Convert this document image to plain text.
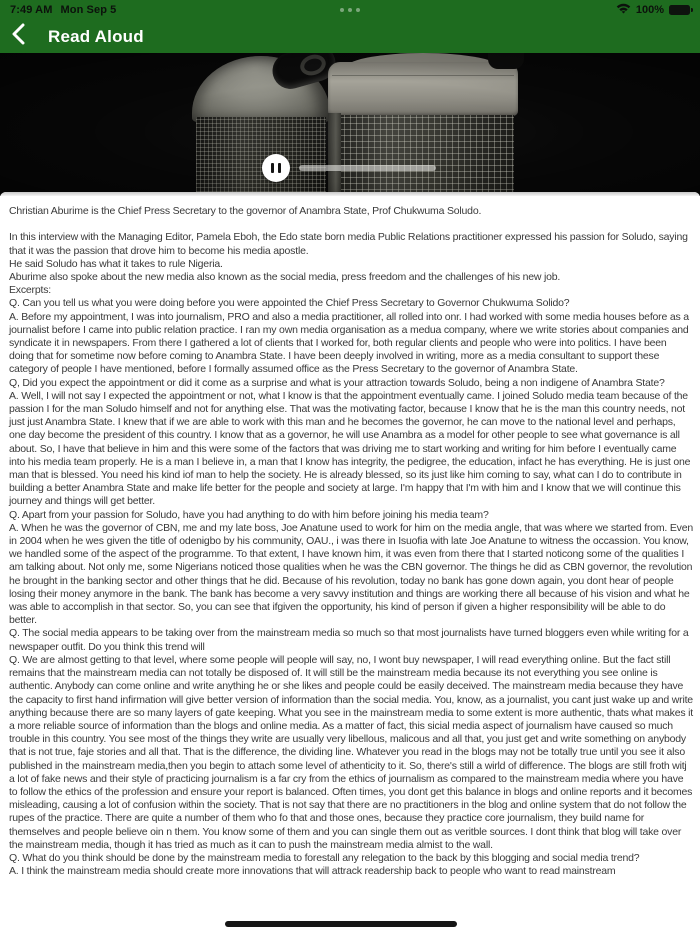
7:49 AM Mon Sep 5	100%
Read Aloud

Christian Aburime is the Chief Press Secretary to the governor of Anambra State, Prof Chukwuma Soludo.

In this interview with the Managing Editor, Pamela Eboh, the Edo state born media Public Relations practitioner expressed his passion for Soludo, saying that it was the passion that drove him to become his media apostle.

He said Soludo has what it takes to rule Nigeria.

Aburime also spoke about the new media also known as the social media, press freedom and the challenges of his new job.

Excerpts:

Q. Can you tell us what you were doing before you were appointed the Chief Press Secretary to Governor Chukwuma Solido?

A. Before my appointment, I was into journalism, PRO and also a media practitioner, all rolled into onr. I had worked with some media houses before as a journalist before I came into public relation practice. I ran my own media organisation as a medua company, where we write stories about companies and syndicate it in newspapers. From there I gathered a lot of clients that I worked for, both regular clients and people who were into politics. I have been doing that for sometime now before coming to Anambra State. I have been deeply involved in writing, more as a media consultant to support these category of people I have mentioned, before I formally assumed office as the Press Secretary to the governor of Anambra State.

Q, Did you expect the appointment or did it come as a surprise and what is your attraction towards Soludo, being a non indigene of Anambra State?

A. Well, I will not say I expected the appointment or not, what I know is that the appointment eventually came. I joined Soludo media team because of the passion I for the man Soludo himself and not for anything else. That was the motivating factor, because I know that he is the man this country needs, not just just Anambra State. I knew that if we are able to work with this man and he becomes the governor, he can move to the national level and perhaps, one day become the president of this country. I know that as a governor, he will use Anambra as a model for other people to see what governance is all about. So, I have that believe in him and this were some of the factors that was driving me to start working and writing for him before I eventually came into his media team properly. He is a man I believe in, a man that I know has integrity, the pedigree, the education, infact he has everything. He is just one man that is blessed. You need his kind iof man to help the society. He is already blessed, so its just like him coming to say, what can I do to contribute in building a better Anambra State and make life better for the people and society at large. I'm happy that I'm with him and I know that we will continue this journey and things will get better.

Q. Apart from your passion for Soludo, have you had anything to do with him before joining his media team?

A. When he was the governor of CBN, me and my late boss, Joe Anatune used to work for him on the media angle, that was where we started from. Even in 2004 when he wes given the title of odenigbo by his community, OAU., i was there in Isuofia with late Joe Anatune to witness the occassion. You know, we handled some of the aspect of the programme. To that extent, I have known him, it was even from there that I started noticong some of the qualities I am talking about. Not only me, some Nigerians noticed those qualities when he was the CBN governor. The things he did as CBN governor, the revolution he brought in the banking sector and other things that he did. Because of his revolution, today no bank has gone down again, you dont hear of people losing their money anymore in the bank. The bank has become a very savvy institution and things are working there all because of his vision and what he was able to accomplish in that sector. So, you can see that ifgiven the opportunity, his kind of person if given a higher responsibility will be able to do better.

Q. The social media appears to be taking over from the mainstream media so much so that most journalists have turned bloggers even while writing for a newspaper outfit. Do you think this trend will

Q. We are almost getting to that level, where some people will people will say, no, I wont buy newspaper, I will read everything online. But the fact still remains that the mainstream media can not totally be disposed of. It will still be the mainstream media because its not everything you see online is authentic. Anybody can come online and write anything he or she likes and people could be easily deceived. The mainstream media because they have the capacity to first hand infirmation will give better version of information than the social media. You, know, as a journalist, you cant just wake up and write anything because there are so many layers of gate keeping. What you see in the mainstream media to some extent is more authentic, thats what makes it a more reliable source of information than the blogs and online media. As a matter of fact, this sicial media aspect of journalism have caused so much trouble in this country. You see most of the things they write are usually very libellous, malicous and all that, you just get and write something on anybody that is not true, faje stories and all that. That is the difference, the dividing line. Whatever you read in the blogs may not be totally true until you see it also published in the mainstream media,then you begin to attach some level of athenticity to it. So, there's still a wirld of difference. The blogs are still froth witj a lot of fake news and their style of practicing journalism is a far cry from the ethics of journalism as compared to the mainstream media where you have to follow the ethics of the profession and ensure your report is balanced. Often times, you dont get this balance in blogs and online reports and it becomes misleading, causing a lot of confusion within the society. That is not say that there are no practitioners in the blog and online system that do not follow the rupes of the practice. There are quite a number of them who fo that and those ones, because they practice core journalism, they build name for themselves and people believe oin n them. You know some of them and you can single them out as veritble sources. I dont think that blog will take over the mainstream media, though it has tried as much as it can to push the mainstream media almist to the wall.

Q. What do you think should be done by the mainstream media to forestall any relegation to the back by this blogging and social media trend?

A. I think the mainstream media should create more innovations that will attrack readership back to people who want to read mainstream
